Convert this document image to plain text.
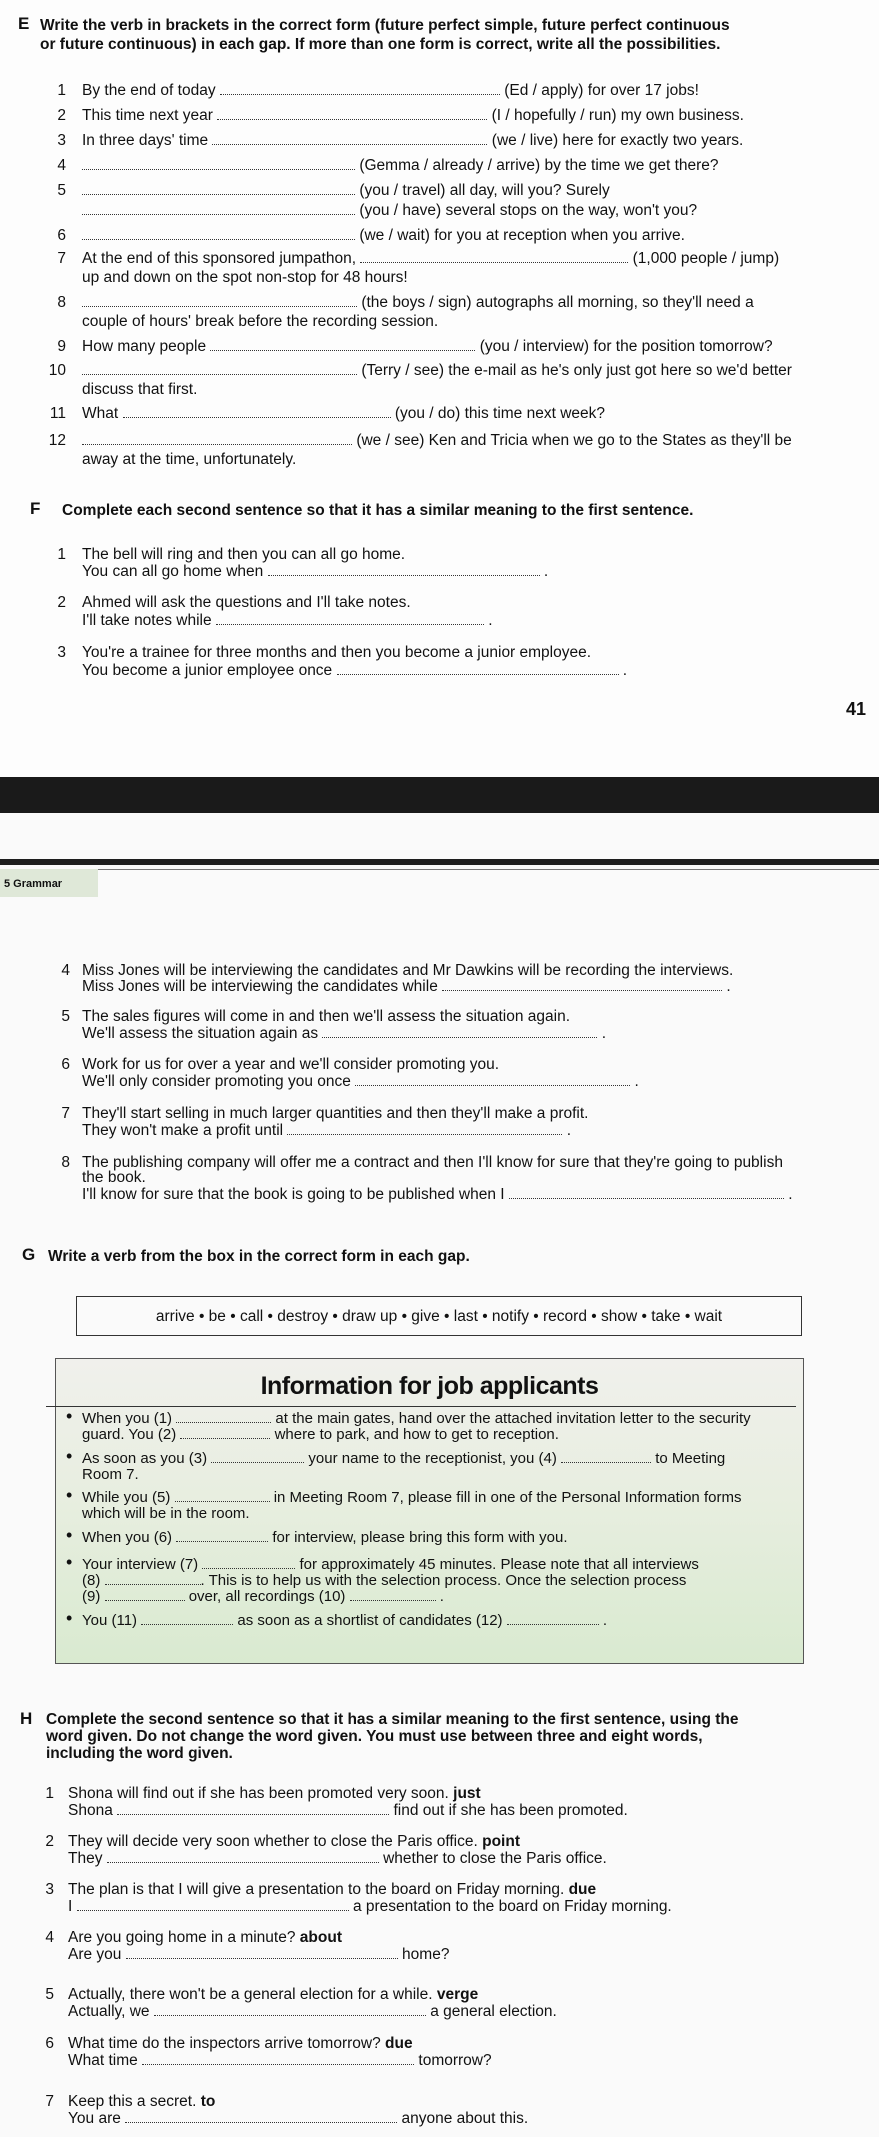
E Write the verb in brackets in the correct form (future perfect simple, future perfect continuous
or future continuous) in each gap. If more than one form is correct, write all the possibilities.
1 By the end of today	(Ed / apply) for over 17 jobs!
2 This time next year	(I / hopefully / run) my own business.
3 In three days' time	(we / live) here for exactly two years.
4	(Gemma / already / arrive) by the time we get there?
5	(you / travel) all day, will you? Surely
(you / have) several stops on the way, won't you?
6	(we / wait) for you at reception when you arrive.
7 At the end of this sponsored jumpathon,	(1,000 people / jump)
up and down on the spot non-stop for 48 hours!
8	(the boys / sign) autographs all morning, so they'll need a
couple of hours' break before the recording session.
9 How many people	(you / interview) for the position tomorrow?
10	(Terry / see) the e-mail as he's only just got here so we'd better
discuss that first.
11 What	(you / do) this time next week?
12	(we / see) Ken and Tricia when we go to the States as they'll be
away at the time, unfortunately.
F Complete each second sentence so that it has a similar meaning to the first sentence.
1 The bell will ring and then you can all go home.
You can all go home when	.
2 Ahmed will ask the questions and I'll take notes.
I'll take notes while	.
3 You're a trainee for three months and then you become a junior employee.
You become a junior employee once	.
41
5 Grammar
4 Miss Jones will be interviewing the candidates and Mr Dawkins will be recording the interviews.
Miss Jones will be interviewing the candidates while	.
5 The sales figures will come in and then we'll assess the situation again.
We'll assess the situation again as	.
6 Work for us for over a year and we'll consider promoting you.
We'll only consider promoting you once	.
7 They'll start selling in much larger quantities and then they'll make a profit.
They won't make a profit until	.
8 The publishing company will offer me a contract and then I'll know for sure that they're going to publish
the book.
I'll know for sure that the book is going to be published when I	.
G Write a verb from the box in the correct form in each gap.
arrive • be • call • destroy • draw up • give • last • notify • record • show • take • wait
Information for job applicants
• When you (1)	at the main gates, hand over the attached invitation letter to the security
guard. You (2)	where to park, and how to get to reception.
• As soon as you (3)	your name to the receptionist, you (4)	to Meeting
Room 7.
• While you (5)	in Meeting Room 7, please fill in one of the Personal Information forms
which will be in the room.
• When you (6)	for interview, please bring this form with you.
• Your interview (7)	for approximately 45 minutes. Please note that all interviews
(8)	. This is to help us with the selection process. Once the selection process
(9)	over, all recordings (10)	.
• You (11)	as soon as a shortlist of candidates (12)	.
H Complete the second sentence so that it has a similar meaning to the first sentence, using the
word given. Do not change the word given. You must use between three and eight words,
including the word given.
1 Shona will find out if she has been promoted very soon. just
Shona	find out if she has been promoted.
2 They will decide very soon whether to close the Paris office. point
They	whether to close the Paris office.
3 The plan is that I will give a presentation to the board on Friday morning. due
I	a presentation to the board on Friday morning.
4 Are you going home in a minute? about
Are you	home?
5 Actually, there won't be a general election for a while. verge
Actually, we	a general election.
6 What time do the inspectors arrive tomorrow? due
What time	tomorrow?
7 Keep this a secret. to
You are	anyone about this.
